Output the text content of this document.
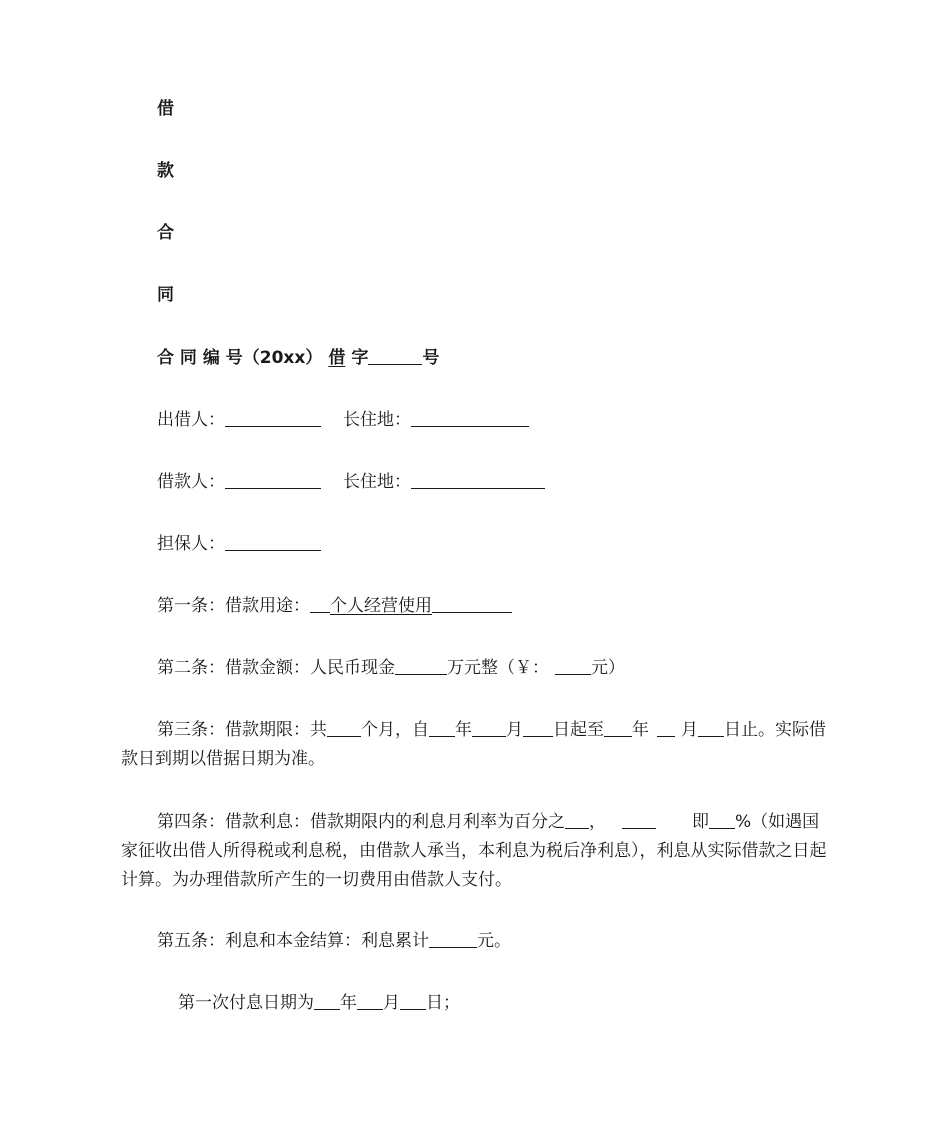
借

款

合

同

合 同 编 号（20xx） 借 字	号

出借人：	长住地：

借款人：	长住地：

担保人：

第一条：借款用途： 个人经营使用

第二条：借款金额：人民币现金	万元整（￥： 元）

第三条：借款期限：共 个月，自 年 月 日起至 年 月 日止。实际借款日到期以借据日期为准。

第四条：借款利息：借款期限内的利息月利率为百分之 ，	即 %（如遇国家征收出借人所得税或利息税，由借款人承当，本利息为税后净利息），利息从实际借款之日起计算。为办理借款所产生的一切费用由借款人支付。

第五条：利息和本金结算：利息累计	元。

第一次付息日期为 年 月 日；
